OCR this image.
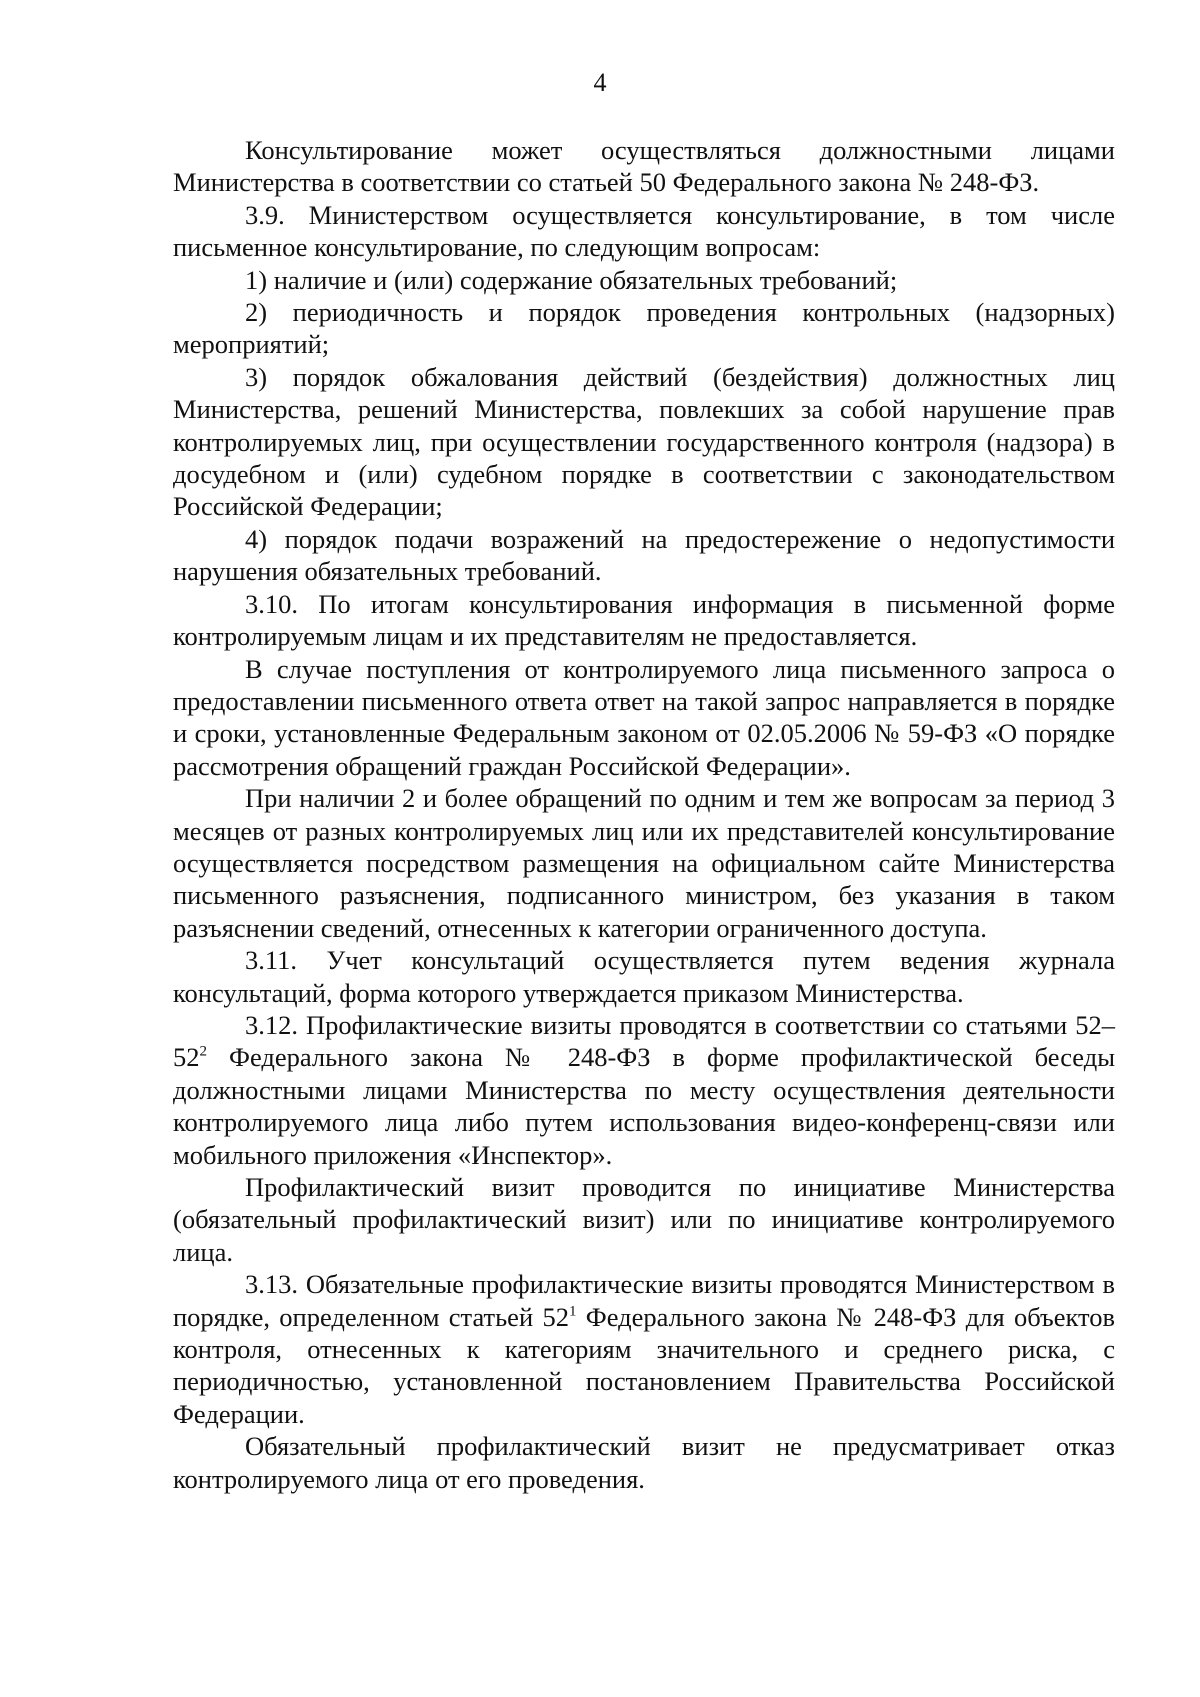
4

Консультирование может осуществляться должностными лицами Министерства в соответствии со статьей 50 Федерального закона № 248-ФЗ.

3.9. Министерством осуществляется консультирование, в том числе письменное консультирование, по следующим вопросам:

1) наличие и (или) содержание обязательных требований;

2) периодичность и порядок проведения контрольных (надзорных) мероприятий;

3) порядок обжалования действий (бездействия) должностных лиц Министерства, решений Министерства, повлекших за собой нарушение прав контролируемых лиц, при осуществлении государственного контроля (надзора) в досудебном и (или) судебном порядке в соответствии с законодательством Российской Федерации;

4) порядок подачи возражений на предостережение о недопустимости нарушения обязательных требований.

3.10. По итогам консультирования информация в письменной форме контролируемым лицам и их представителям не предоставляется.

В случае поступления от контролируемого лица письменного запроса о предоставлении письменного ответа ответ на такой запрос направляется в порядке и сроки, установленные Федеральным законом от 02.05.2006 № 59-ФЗ «О порядке рассмотрения обращений граждан Российской Федерации».

При наличии 2 и более обращений по одним и тем же вопросам за период 3 месяцев от разных контролируемых лиц или их представителей консультирование осуществляется посредством размещения на официальном сайте Министерства письменного разъяснения, подписанного министром, без указания в таком разъяснении сведений, отнесенных к категории ограниченного доступа.

3.11. Учет консультаций осуществляется путем ведения журнала консультаций, форма которого утверждается приказом Министерства.

3.12. Профилактические визиты проводятся в соответствии со статьями $52-52^2$ Федерального закона № 248-ФЗ в форме профилактической беседы должностными лицами Министерства по месту осуществления деятельности контролируемого лица либо путем использования видео-конференц-связи или мобильного приложения «Инспектор».

Профилактический визит проводится по инициативе Министерства (обязательный профилактический визит) или по инициативе контролируемого лица.

3.13. Обязательные профилактические визиты проводятся Министерством в порядке, определенном статьей $52^1$ Федерального закона № 248-ФЗ для объектов контроля, отнесенных к категориям значительного и среднего риска, с периодичностью, установленной постановлением Правительства Российской Федерации.

Обязательный профилактический визит не предусматривает отказ контролируемого лица от его проведения.
